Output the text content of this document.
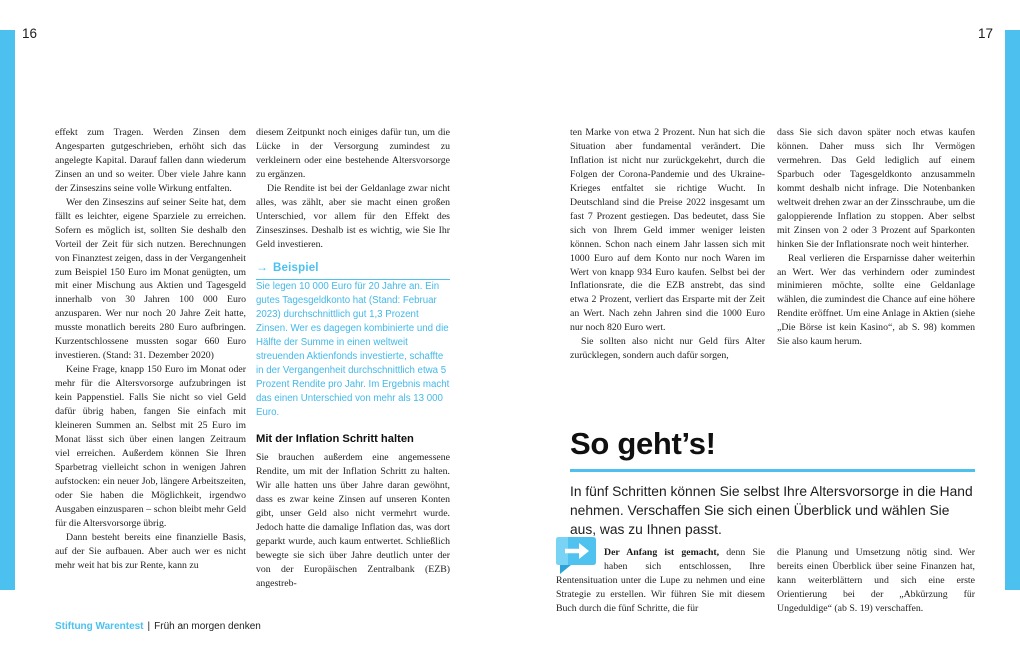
16	17

effekt zum Tragen. Werden Zinsen dem Angesparten gutgeschrieben, erhöht sich das angelegte Kapital. Darauf fallen dann wiederum Zinsen an und so weiter. Über viele Jahre kann der Zinseszins seine volle Wirkung entfalten.

Wer den Zinseszins auf seiner Seite hat, dem fällt es leichter, eigene Sparziele zu erreichen. Sofern es möglich ist, sollten Sie deshalb den Vorteil der Zeit für sich nutzen. Berechnungen von Finanztest zeigen, dass in der Vergangenheit zum Beispiel 150 Euro im Monat genügten, um mit einer Mischung aus Aktien und Tagesgeld innerhalb von 30 Jahren 100 000 Euro anzusparen. Wer nur noch 20 Jahre Zeit hatte, musste monatlich bereits 280 Euro aufbringen. Kurzentschlossene mussten sogar 660 Euro investieren. (Stand: 31. Dezember 2020)

Keine Frage, knapp 150 Euro im Monat oder mehr für die Altersvorsorge aufzubringen ist kein Pappenstiel. Falls Sie nicht so viel Geld dafür übrig haben, fangen Sie einfach mit kleineren Summen an. Selbst mit 25 Euro im Monat lässt sich über einen langen Zeitraum viel erreichen. Außerdem können Sie Ihren Sparbetrag vielleicht schon in wenigen Jahren aufstocken: ein neuer Job, längere Arbeitszeiten, oder Sie haben die Möglichkeit, irgendwo Ausgaben einzusparen – schon bleibt mehr Geld für die Altersvorsorge übrig.

Dann besteht bereits eine finanzielle Basis, auf der Sie aufbauen. Aber auch wer es nicht mehr weit hat bis zur Rente, kann zu

diesem Zeitpunkt noch einiges dafür tun, um die Lücke in der Versorgung zumindest zu verkleinern oder eine bestehende Altersvorsorge zu ergänzen.

Die Rendite ist bei der Geldanlage zwar nicht alles, was zählt, aber sie macht einen großen Unterschied, vor allem für den Effekt des Zinseszinses. Deshalb ist es wichtig, wie Sie Ihr Geld investieren.

→ Beispiel

Sie legen 10 000 Euro für 20 Jahre an. Ein gutes Tagesgeldkonto hat (Stand: Februar 2023) durchschnittlich gut 1,3 Prozent Zinsen. Wer es dagegen kombinierte und die Hälfte der Summe in einen weltweit streuenden Aktienfonds investierte, schaffte in der Vergangenheit durchschnittlich etwa 5 Prozent Rendite pro Jahr. Im Ergebnis macht das einen Unterschied von mehr als 13 000 Euro.

Mit der Inflation Schritt halten

Sie brauchen außerdem eine angemessene Rendite, um mit der Inflation Schritt zu halten. Wir alle hatten uns über Jahre daran gewöhnt, dass es zwar keine Zinsen auf unseren Konten gibt, unser Geld also nicht vermehrt wurde. Jedoch hatte die damalige Inflation das, was dort geparkt wurde, auch kaum entwertet. Schließlich bewegte sie sich über Jahre deutlich unter der von der Europäischen Zentralbank (EZB) angestreb-

ten Marke von etwa 2 Prozent. Nun hat sich die Situation aber fundamental verändert. Die Inflation ist nicht nur zurückgekehrt, durch die Folgen der Corona-Pandemie und des Ukraine-Krieges entfaltet sie richtige Wucht. In Deutschland sind die Preise 2022 insgesamt um fast 7 Prozent gestiegen. Das bedeutet, dass Sie sich von Ihrem Geld immer weniger leisten können. Schon nach einem Jahr lassen sich mit 1000 Euro auf dem Konto nur noch Waren im Wert von knapp 934 Euro kaufen. Selbst bei der Inflationsrate, die die EZB anstrebt, das sind etwa 2 Prozent, verliert das Ersparte mit der Zeit an Wert. Nach zehn Jahren sind die 1000 Euro nur noch 820 Euro wert.

Sie sollten also nicht nur Geld fürs Alter zurücklegen, sondern auch dafür sorgen,

dass Sie sich davon später noch etwas kaufen können. Daher muss sich Ihr Vermögen vermehren. Das Geld lediglich auf einem Sparbuch oder Tagesgeldkonto anzusammeln kommt deshalb nicht infrage. Die Notenbanken weltweit drehen zwar an der Zinsschraube, um die galoppierende Inflation zu stoppen. Aber selbst mit Zinsen von 2 oder 3 Prozent auf Sparkonten hinken Sie der Inflationsrate noch weit hinterher.

Real verlieren die Ersparnisse daher weiterhin an Wert. Wer das verhindern oder zumindest minimieren möchte, sollte eine Geldanlage wählen, die zumindest die Chance auf eine höhere Rendite eröffnet. Um eine Anlage in Aktien (siehe „Die Börse ist kein Kasino“, ab S. 98) kommen Sie also kaum herum.

So geht’s!

In fünf Schritten können Sie selbst Ihre Altersvorsorge in die Hand nehmen. Verschaffen Sie sich einen Überblick und wählen Sie aus, was zu Ihnen passt.

Der Anfang ist gemacht, denn Sie haben sich entschlossen, Ihre Rentensituation unter die Lupe zu nehmen und eine Strategie zu erstellen. Wir führen Sie mit diesem Buch durch die fünf Schritte, die für

die Planung und Umsetzung nötig sind. Wer bereits einen Überblick über seine Finanzen hat, kann weiterblättern und sich eine erste Orientierung bei der „Abkürzung für Ungeduldige“ (ab S. 19) verschaffen.

Stiftung Warentest | Früh an morgen denken
